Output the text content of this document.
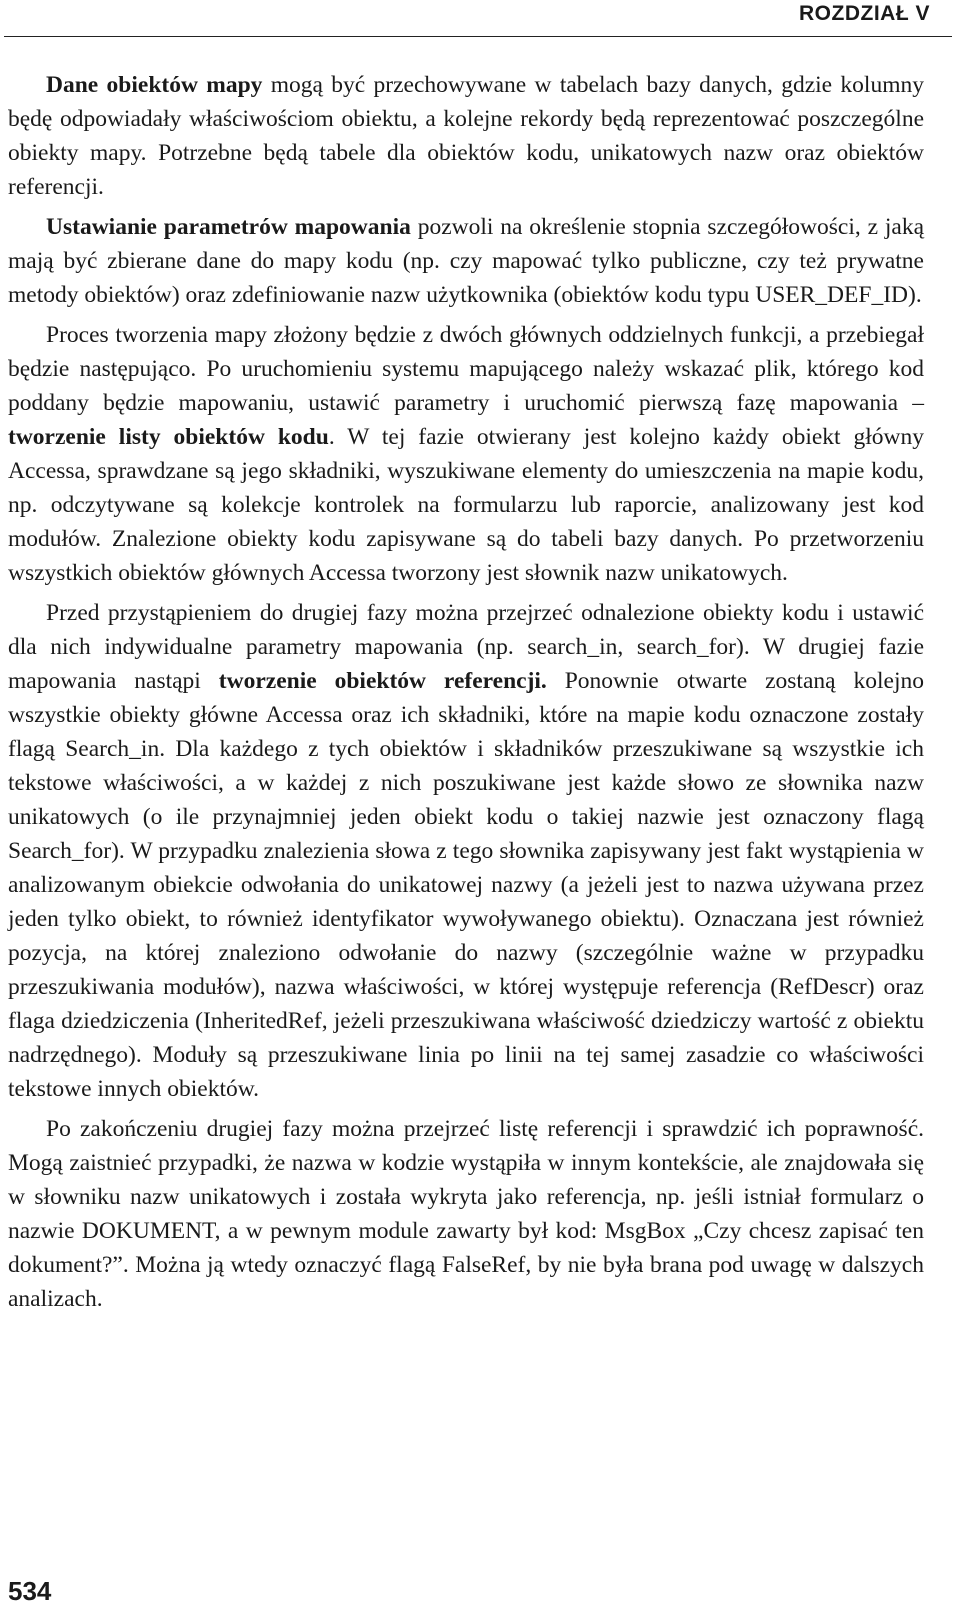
ROZDZIAŁ V

Dane obiektów mapy mogą być przechowywane w tabelach bazy danych, gdzie kolumny będę odpowiadały właściwościom obiektu, a kolejne rekordy będą reprezentować poszczególne obiekty mapy. Potrzebne będą tabele dla obiektów kodu, unikatowych nazw oraz obiektów referencji.

Ustawianie parametrów mapowania pozwoli na określenie stopnia szczegółowości, z jaką mają być zbierane dane do mapy kodu (np. czy mapować tylko publiczne, czy też prywatne metody obiektów) oraz zdefiniowanie nazw użytkownika (obiektów kodu typu USER_DEF_ID).

Proces tworzenia mapy złożony będzie z dwóch głównych oddzielnych funkcji, a przebiegał będzie następująco. Po uruchomieniu systemu mapującego należy wskazać plik, którego kod poddany będzie mapowaniu, ustawić parametry i uruchomić pierwszą fazę mapowania – tworzenie listy obiektów kodu. W tej fazie otwierany jest kolejno każdy obiekt główny Accessa, sprawdzane są jego składniki, wyszukiwane elementy do umieszczenia na mapie kodu, np. odczytywane są kolekcje kontrolek na formularzu lub raporcie, analizowany jest kod modułów. Znalezione obiekty kodu zapisywane są do tabeli bazy danych. Po przetworzeniu wszystkich obiektów głównych Accessa tworzony jest słownik nazw unikatowych.

Przed przystąpieniem do drugiej fazy można przejrzeć odnalezione obiekty kodu i ustawić dla nich indywidualne parametry mapowania (np. search_in, search_for). W drugiej fazie mapowania nastąpi tworzenie obiektów referencji. Ponownie otwarte zostaną kolejno wszystkie obiekty główne Accessa oraz ich składniki, które na mapie kodu oznaczone zostały flagą Search_in. Dla każdego z tych obiektów i składników przeszukiwane są wszystkie ich tekstowe właściwości, a w każdej z nich poszukiwane jest każde słowo ze słownika nazw unikatowych (o ile przynajmniej jeden obiekt kodu o takiej nazwie jest oznaczony flagą Search_for). W przypadku znalezienia słowa z tego słownika zapisywany jest fakt wystąpienia w analizowanym obiekcie odwołania do unikatowej nazwy (a jeżeli jest to nazwa używana przez jeden tylko obiekt, to również identyfikator wywoływanego obiektu). Oznaczana jest również pozycja, na której znaleziono odwołanie do nazwy (szczególnie ważne w przypadku przeszukiwania modułów), nazwa właściwości, w której występuje referencja (RefDescr) oraz flaga dziedziczenia (InheritedRef, jeżeli przeszukiwana właściwość dziedziczy wartość z obiektu nadrzędnego). Moduły są przeszukiwane linia po linii na tej samej zasadzie co właściwości tekstowe innych obiektów.

Po zakończeniu drugiej fazy można przejrzeć listę referencji i sprawdzić ich poprawność. Mogą zaistnieć przypadki, że nazwa w kodzie wystąpiła w innym kontekście, ale znajdowała się w słowniku nazw unikatowych i została wykryta jako referencja, np. jeśli istniał formularz o nazwie DOKUMENT, a w pewnym module zawarty był kod: MsgBox „Czy chcesz zapisać ten dokument?”. Można ją wtedy oznaczyć flagą FalseRef, by nie była brana pod uwagę w dalszych analizach.

534
